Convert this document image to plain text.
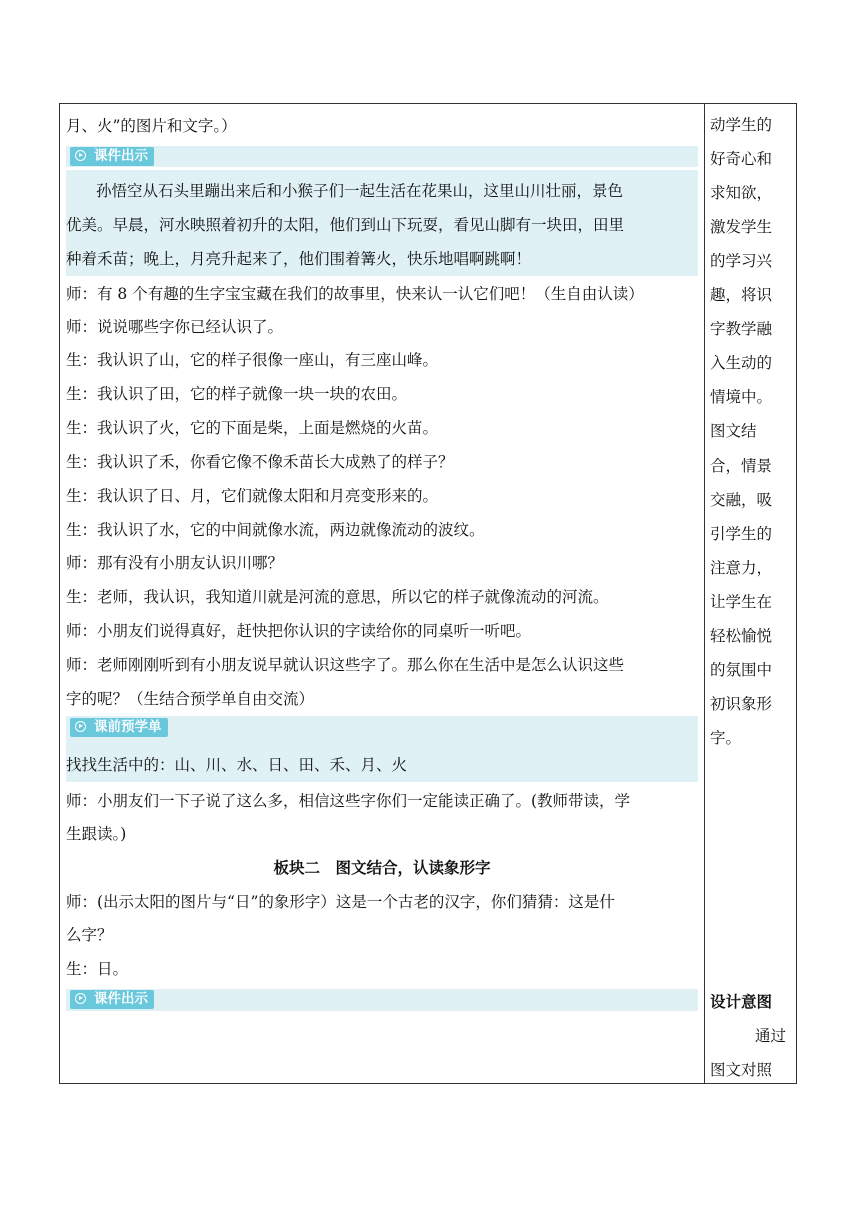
月、火”的图片和文字。）
课件出示
孙悟空从石头里蹦出来后和小猴子们一起生活在花果山，这里山川壮丽，景色
优美。早晨，河水映照着初升的太阳，他们到山下玩耍，看见山脚有一块田，田里
种着禾苗；晚上，月亮升起来了，他们围着篝火，快乐地唱啊跳啊！
师：有 8 个有趣的生字宝宝藏在我们的故事里，快来认一认它们吧！（生自由认读）
师：说说哪些字你已经认识了。
生：我认识了山，它的样子很像一座山，有三座山峰。
生：我认识了田，它的样子就像一块一块的农田。
生：我认识了火，它的下面是柴，上面是燃烧的火苗。
生：我认识了禾，你看它像不像禾苗长大成熟了的样子？
生：我认识了日、月，它们就像太阳和月亮变形来的。
生：我认识了水，它的中间就像水流，两边就像流动的波纹。
师：那有没有小朋友认识川哪？
生：老师，我认识，我知道川就是河流的意思，所以它的样子就像流动的河流。
师：小朋友们说得真好，赶快把你认识的字读给你的同桌听一听吧。
师：老师刚刚听到有小朋友说早就认识这些字了。那么你在生活中是怎么认识这些
字的呢？（生结合预学单自由交流）
课前预学单
找找生活中的：山、川、水、日、田、禾、月、火
师：小朋友们一下子说了这么多，相信这些字你们一定能读正确了。(教师带读，学
生跟读。)
板块二　图文结合，认读象形字
师：(出示太阳的图片与“日”的象形字）这是一个古老的汉字，你们猜猜：这是什
么字？
生：日。
课件出示
动学生的
好奇心和
求知欲，
激发学生
的学习兴
趣，将识
字教学融
入生动的
情境中。
图文结
合，情景
交融，吸
引学生的
注意力，
让学生在
轻松愉悦
的氛围中
初识象形
字。
设计意图
通过
图文对照
